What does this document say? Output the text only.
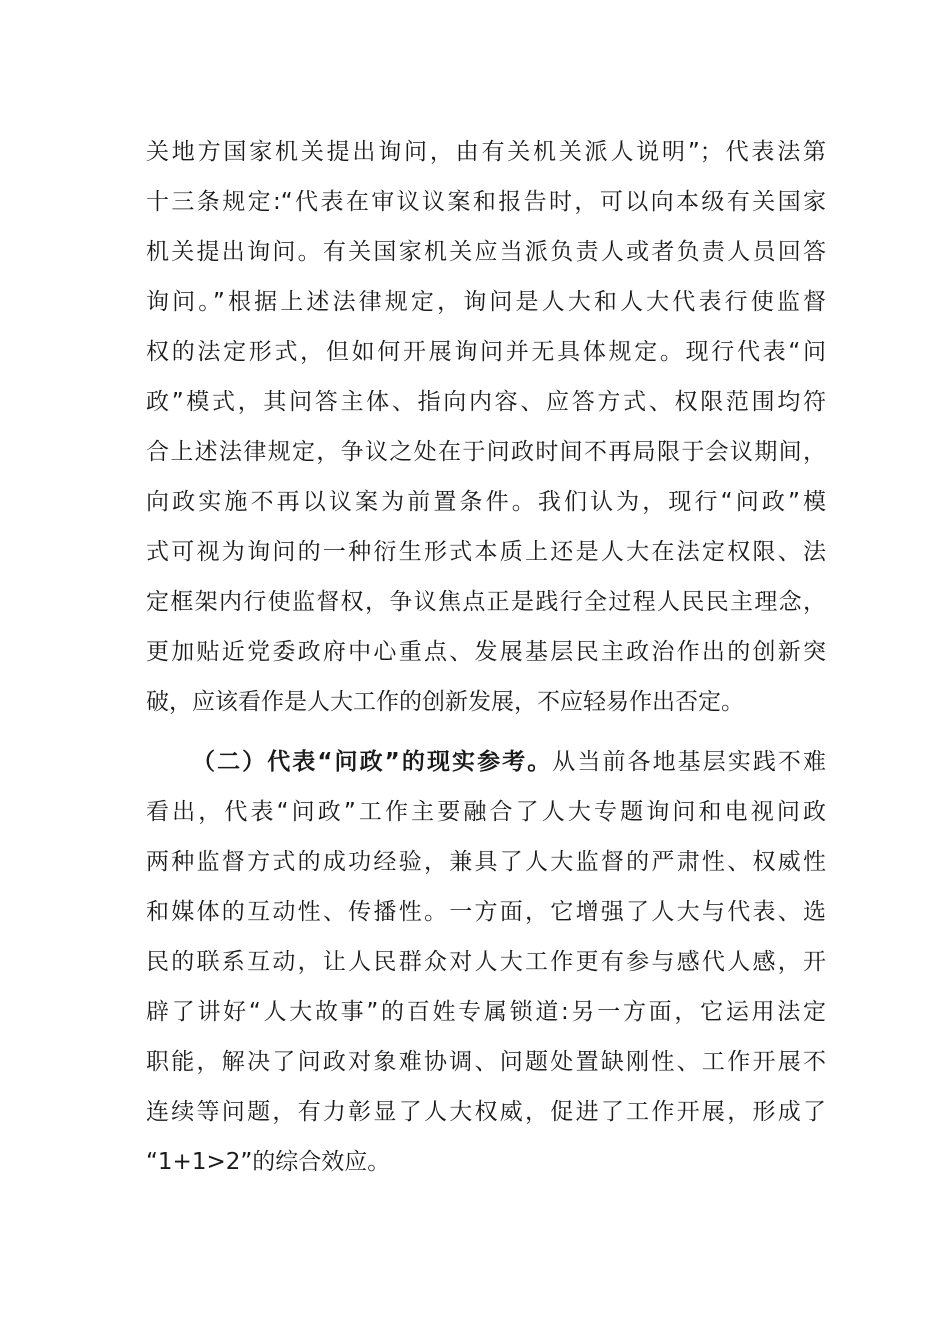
关地方国家机关提出询问，由有关机关派人说明”；代表法第
十三条规定:“代表在审议议案和报告时，可以向本级有关国家
机关提出询问。有关国家机关应当派负责人或者负责人员回答
询问。”根据上述法律规定，询问是人大和人大代表行使监督
权的法定形式，但如何开展询问并无具体规定。现行代表“问
政”模式，其问答主体、指向内容、应答方式、权限范围均符
合上述法律规定，争议之处在于问政时间不再局限于会议期间，
向政实施不再以议案为前置条件。我们认为，现行“问政”模
式可视为询问的一种衍生形式本质上还是人大在法定权限、法
定框架内行使监督权，争议焦点正是践行全过程人民民主理念，
更加贴近党委政府中心重点、发展基层民主政治作出的创新突
破，应该看作是人大工作的创新发展，不应轻易作出否定。
（二）代表“问政”的现实参考。从当前各地基层实践不难
看出，代表“问政”工作主要融合了人大专题询问和电视问政
两种监督方式的成功经验，兼具了人大监督的严肃性、权威性
和媒体的互动性、传播性。一方面，它增强了人大与代表、选
民的联系互动，让人民群众对人大工作更有参与感代人感，开
辟了讲好“人大故事”的百姓专属锁道:另一方面，它运用法定
职能，解决了问政对象难协调、问题处置缺刚性、工作开展不
连续等问题，有力彰显了人大权威，促进了工作开展，形成了
“1+1>2”的综合效应。
